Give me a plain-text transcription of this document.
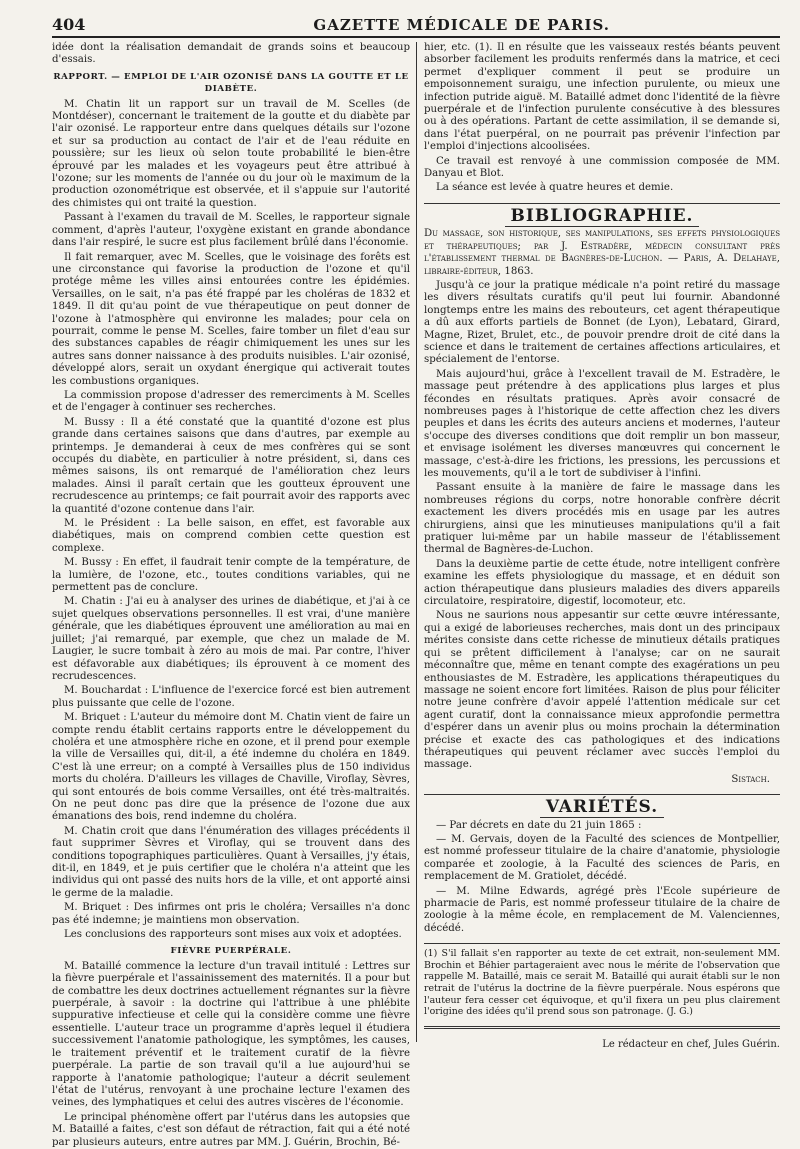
404	GAZETTE MÉDICALE DE PARIS.

idée dont la réalisation demandait de grands soins et beaucoup d'essais.

RAPPORT. — EMPLOI DE L'AIR OZONISÉ DANS LA GOUTTE ET LE DIABÈTE.

M. Chatin lit un rapport sur un travail de M. Scelles (de Montdéser), concernant le traitement de la goutte et du diabète par l'air ozonisé. Le rapporteur entre dans quelques détails sur l'ozone et sur sa production au contact de l'air et de l'eau réduite en poussière; sur les lieux où selon toute probabilité le bien-être éprouvé par les malades et les voyageurs peut être attribué à l'ozone; sur les moments de l'année ou du jour où le maximum de la production ozonométrique est observée, et il s'appuie sur l'autorité des chimistes qui ont traité la question.

Passant à l'examen du travail de M. Scelles, le rapporteur signale comment, d'après l'auteur, l'oxygène existant en grande abondance dans l'air respiré, le sucre est plus facilement brûlé dans l'économie.

Il fait remarquer, avec M. Scelles, que le voisinage des forêts est une circonstance qui favorise la production de l'ozone et qu'il protége même les villes ainsi entourées contre les épidémies. Versailles, on le sait, n'a pas été frappé par les choléras de 1832 et 1849. Il dit qu'au point de vue thérapeutique on peut donner de l'ozone à l'atmosphère qui environne les malades; pour cela on pourrait, comme le pense M. Scelles, faire tomber un filet d'eau sur des substances capables de réagir chimiquement les unes sur les autres sans donner naissance à des produits nuisibles. L'air ozonisé, développé alors, serait un oxydant énergique qui activerait toutes les combustions organiques.

La commission propose d'adresser des remerciments à M. Scelles et de l'engager à continuer ses recherches.

M. Bussy : Il a été constaté que la quantité d'ozone est plus grande dans certaines saisons que dans d'autres, par exemple au printemps. Je demanderai à ceux de mes confrères qui se sont occupés du diabète, en particulier à notre président, si, dans ces mêmes saisons, ils ont remarqué de l'amélioration chez leurs malades. Ainsi il paraît certain que les goutteux éprouvent une recrudescence au printemps; ce fait pourrait avoir des rapports avec la quantité d'ozone contenue dans l'air.

M. le Président : La belle saison, en effet, est favorable aux diabétiques, mais on comprend combien cette question est complexe.

M. Bussy : En effet, il faudrait tenir compte de la température, de la lumière, de l'ozone, etc., toutes conditions variables, qui ne permettent pas de conclure.

M. Chatin : J'ai eu à analyser des urines de diabétique, et j'ai à ce sujet quelques observations personnelles. Il est vrai, d'une manière générale, que les diabétiques éprouvent une amélioration au mai en juillet; j'ai remarqué, par exemple, que chez un malade de M. Laugier, le sucre tombait à zéro au mois de mai. Par contre, l'hiver est défavorable aux diabétiques; ils éprouvent à ce moment des recrudescences.

M. Bouchardat : L'influence de l'exercice forcé est bien autrement plus puissante que celle de l'ozone.

M. Briquet : L'auteur du mémoire dont M. Chatin vient de faire un compte rendu établit certains rapports entre le développement du choléra et une atmosphère riche en ozone, et il prend pour exemple la ville de Versailles qui, dit-il, a été indemne du choléra en 1849. C'est là une erreur; on a compté à Versailles plus de 150 individus morts du choléra. D'ailleurs les villages de Chaville, Viroflay, Sèvres, qui sont entourés de bois comme Versailles, ont été très-maltraités. On ne peut donc pas dire que la présence de l'ozone due aux émanations des bois, rend indemne du choléra.

M. Chatin croit que dans l'énumération des villages précédents il faut supprimer Sèvres et Viroflay, qui se trouvent dans des conditions topographiques particulières. Quant à Versailles, j'y étais, dit-il, en 1849, et je puis certifier que le choléra n'a atteint que les individus qui ont passé des nuits hors de la ville, et ont apporté ainsi le germe de la maladie.

M. Briquet : Des infirmes ont pris le choléra; Versailles n'a donc pas été indemne; je maintiens mon observation.

Les conclusions des rapporteurs sont mises aux voix et adoptées.

FIÈVRE PUERPÉRALE.

M. Bataillé commence la lecture d'un travail intitulé : Lettres sur la fièvre puerpérale et l'assainissement des maternités. Il a pour but de combattre les deux doctrines actuellement régnantes sur la fièvre puerpérale, à savoir : la doctrine qui l'attribue à une phlébite suppurative infectieuse et celle qui la considère comme une fièvre essentielle. L'auteur trace un programme d'après lequel il étudiera successivement l'anatomie pathologique, les symptômes, les causes, le traitement préventif et le traitement curatif de la fièvre puerpérale. La partie de son travail qu'il a lue aujourd'hui se rapporte à l'anatomie pathologique; l'auteur a décrit seulement l'état de l'utérus, renvoyant à une prochaine lecture l'examen des veines, des lymphatiques et celui des autres viscères de l'économie.

Le principal phénomène offert par l'utérus dans les autopsies que M. Bataillé a faites, c'est son défaut de rétraction, fait qui a été noté par plusieurs auteurs, entre autres par MM. J. Guérin, Brochin, Bé-

hier, etc. (1). Il en résulte que les vaisseaux restés béants peuvent absorber facilement les produits renfermés dans la matrice, et ceci permet d'expliquer comment il peut se produire un empoisonnement suraigu, une infection purulente, ou mieux une infection putride aiguë. M. Bataillé admet donc l'identité de la fièvre puerpérale et de l'infection purulente consécutive à des blessures ou à des opérations. Partant de cette assimilation, il se demande si, dans l'état puerpéral, on ne pourrait pas prévenir l'infection par l'emploi d'injections alcoolisées.

Ce travail est renvoyé à une commission composée de MM. Danyau et Blot.

La séance est levée à quatre heures et demie.

BIBLIOGRAPHIE.

Du massage, son historique, ses manipulations, ses effets physiologiques et thérapeutiques; par J. Estradère, médecin consultant près l'établissement thermal de Bagnères-de-Luchon. — Paris, A. Delahaye, libraire-éditeur, 1863.

Jusqu'à ce jour la pratique médicale n'a point retiré du massage les divers résultats curatifs qu'il peut lui fournir. Abandonné longtemps entre les mains des rebouteurs, cet agent thérapeutique a dû aux efforts partiels de Bonnet (de Lyon), Lebatard, Girard, Magne, Rizet, Brulet, etc., de pouvoir prendre droit de cité dans la science et dans le traitement de certaines affections articulaires, et spécialement de l'entorse.

Mais aujourd'hui, grâce à l'excellent travail de M. Estradère, le massage peut prétendre à des applications plus larges et plus fécondes en résultats pratiques. Après avoir consacré de nombreuses pages à l'historique de cette affection chez les divers peuples et dans les écrits des auteurs anciens et modernes, l'auteur s'occupe des diverses conditions que doit remplir un bon masseur, et envisage isolément les diverses manœuvres qui concernent le massage, c'est-à-dire les frictions, les pressions, les percussions et les mouvements, qu'il a le tort de subdiviser à l'infini.

Passant ensuite à la manière de faire le massage dans les nombreuses régions du corps, notre honorable confrère décrit exactement les divers procédés mis en usage par les autres chirurgiens, ainsi que les minutieuses manipulations qu'il a fait pratiquer lui-même par un habile masseur de l'établissement thermal de Bagnères-de-Luchon.

Dans la deuxième partie de cette étude, notre intelligent confrère examine les effets physiologique du massage, et en déduit son action thérapeutique dans plusieurs maladies des divers appareils circulatoire, respiratoire, digestif, locomoteur, etc.

Nous ne saurions nous appesantir sur cette œuvre intéressante, qui a exigé de laborieuses recherches, mais dont un des principaux mérites consiste dans cette richesse de minutieux détails pratiques qui se prêtent difficilement à l'analyse; car on ne saurait méconnaître que, même en tenant compte des exagérations un peu enthousiastes de M. Estradère, les applications thérapeutiques du massage ne soient encore fort limitées. Raison de plus pour féliciter notre jeune confrère d'avoir appelé l'attention médicale sur cet agent curatif, dont la connaissance mieux approfondie permettra d'espérer dans un avenir plus ou moins prochain la détermination précise et exacte des cas pathologiques et des indications thérapeutiques qui peuvent réclamer avec succès l'emploi du massage.

Sistach.
VARIÉTÉS.

— Par décrets en date du 21 juin 1865 :

— M. Gervais, doyen de la Faculté des sciences de Montpellier, est nommé professeur titulaire de la chaire d'anatomie, physiologie comparée et zoologie, à la Faculté des sciences de Paris, en remplacement de M. Gratiolet, décédé.

— M. Milne Edwards, agrégé près l'Ecole supérieure de pharmacie de Paris, est nommé professeur titulaire de la chaire de zoologie à la même école, en remplacement de M. Valenciennes, décédé.

(1) S'il fallait s'en rapporter au texte de cet extrait, non-seulement MM. Brochin et Béhier partageraient avec nous le mérite de l'observation que rappelle M. Bataillé, mais ce serait M. Bataillé qui aurait établi sur le non retrait de l'utérus la doctrine de la fièvre puerpérale. Nous espérons que l'auteur fera cesser cet équivoque, et qu'il fixera un peu plus clairement l'origine des idées qu'il prend sous son patronage. (J. G.)
Le rédacteur en chef, Jules Guérin.
